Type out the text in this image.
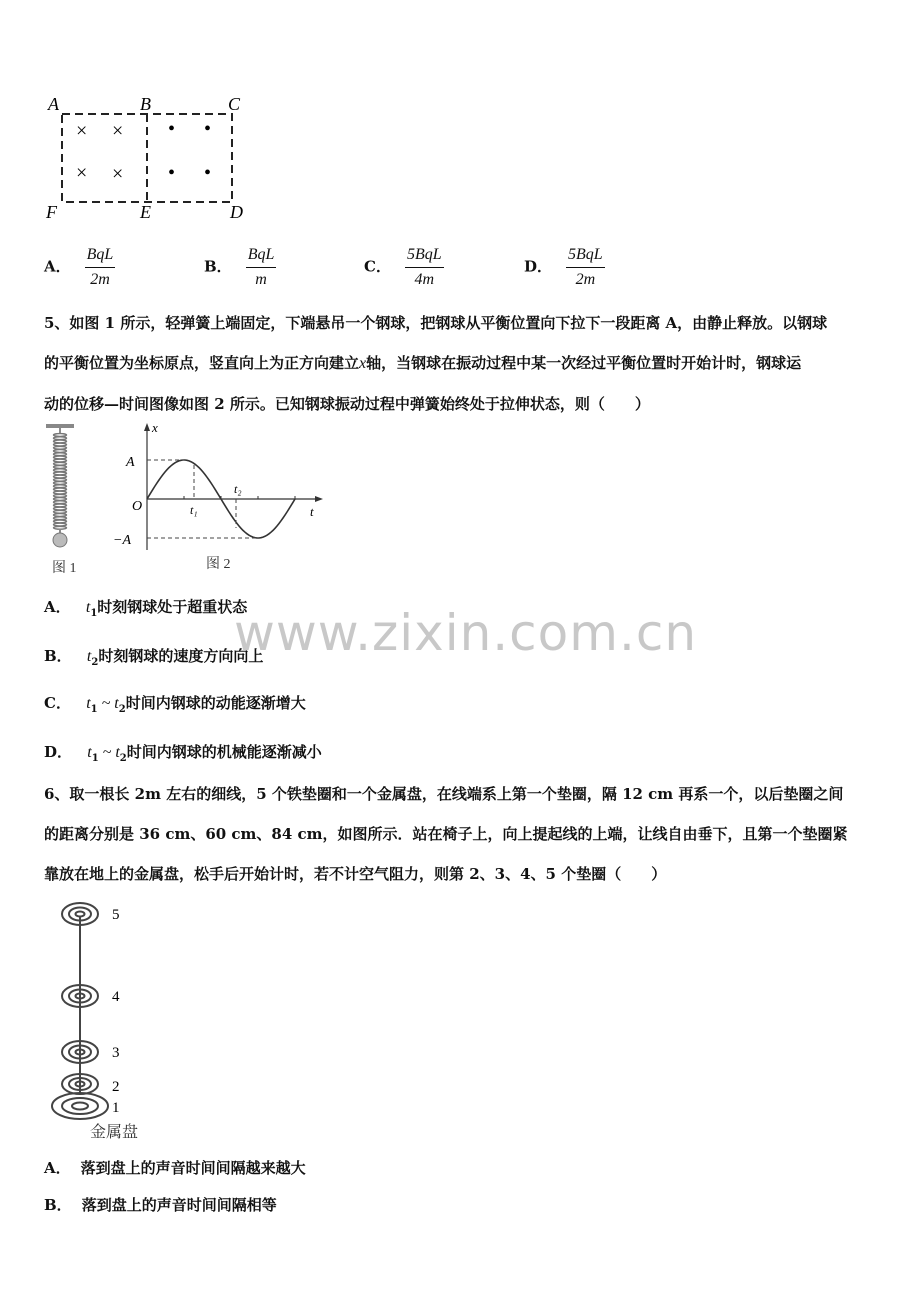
A	B	C
F	E	D
× ×
× ×
• •
• •
A． $\frac{\text{BqL}}{2m}$	B． $\frac{\text{BqL}}{m}$	C． $\frac{\text{5BqL}}{4m}$	D． $\frac{\text{5BqL}}{2m}$

5、如图 1 所示，轻弹簧上端固定，下端悬吊一个钢球，把钢球从平衡位置向下拉下一段距离 A，由静止释放。以钢球

的平衡位置为坐标原点，竖直向上为正方向建立x轴，当钢球在振动过程中某一次经过平衡位置时开始计时，钢球运

动的位移—时间图像如图 2 所示。已知钢球振动过程中弹簧始终处于拉伸状态，则（　　）

图 1
x
t
O
A
−A
t₁
t₂
图 2
A． $t_1$时刻钢球处于超重状态
B． $t_2$时刻钢球的速度方向向上
C． $t_1$ ~ $t_2$时间内钢球的动能逐渐增大
D． $t_1$ ~ $t_2$时间内钢球的机械能逐渐减小
www.zixin.com.cn

6、取一根长 2m 左右的细线，5 个铁垫圈和一个金属盘，在线端系上第一个垫圈，隔 12 cm 再系一个，以后垫圈之间

的距离分别是 36 cm、60 cm、84 cm，如图所示．站在椅子上，向上提起线的上端，让线自由垂下，且第一个垫圈紧

靠放在地上的金属盘，松手后开始计时，若不计空气阻力，则第 2、3、4、5 个垫圈（　　）

5
4
3
2
1
金属盘
A． 落到盘上的声音时间间隔越来越大
B． 落到盘上的声音时间间隔相等
